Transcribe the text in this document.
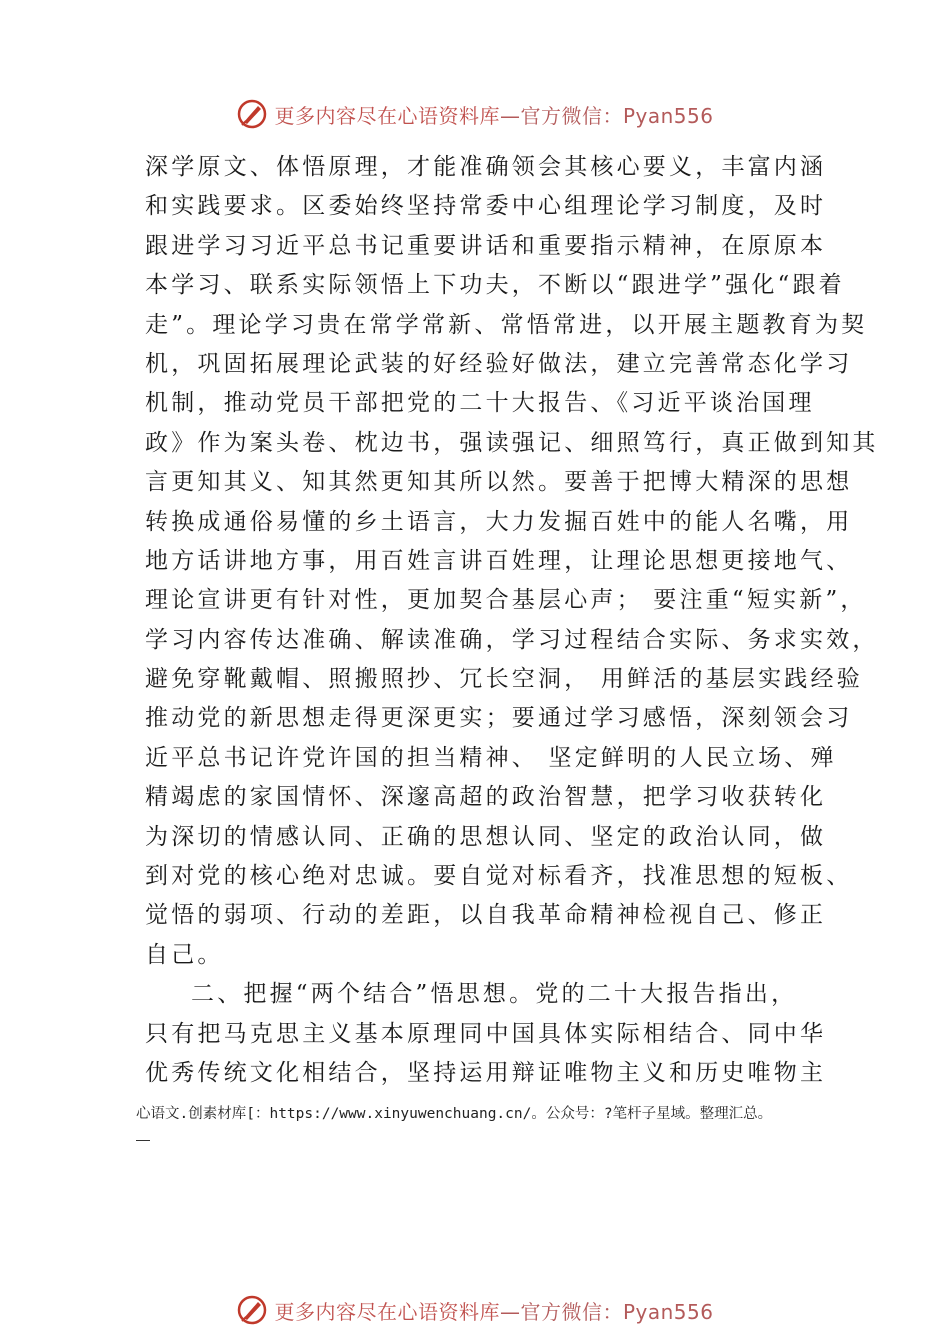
更多内容尽在心语资料库—官方微信：Pyan556
深学原文、体悟原理，才能准确领会其核心要义，丰富内涵
和实践要求。区委始终坚持常委中心组理论学习制度，及时
跟进学习习近平总书记重要讲话和重要指示精神，在原原本
本学习、联系实际领悟上下功夫，不断以“跟进学”强化“跟着
走”。理论学习贵在常学常新、常悟常进，以开展主题教育为契
机，巩固拓展理论武装的好经验好做法，建立完善常态化学习
机制，推动党员干部把党的二十大报告、《习近平谈治国理
政》作为案头卷、枕边书，强读强记、细照笃行，真正做到知其
言更知其义、知其然更知其所以然。要善于把博大精深的思想
转换成通俗易懂的乡土语言，大力发掘百姓中的能人名嘴，用
地方话讲地方事，用百姓言讲百姓理，让理论思想更接地气、
理论宣讲更有针对性，更加契合基层心声； 要注重“短实新”，
学习内容传达准确、解读准确，学习过程结合实际、务求实效，
避免穿靴戴帽、照搬照抄、冗长空洞， 用鲜活的基层实践经验
推动党的新思想走得更深更实；要通过学习感悟，深刻领会习
近平总书记许党许国的担当精神、 坚定鲜明的人民立场、殚
精竭虑的家国情怀、深邃高超的政治智慧，把学习收获转化
为深切的情感认同、正确的思想认同、坚定的政治认同，做
到对党的核心绝对忠诚。要自觉对标看齐，找准思想的短板、
觉悟的弱项、行动的差距，以自我革命精神检视自己、修正
自己。
二、把握“两个结合”悟思想。党的二十大报告指出，
只有把马克思主义基本原理同中国具体实际相结合、同中华
优秀传统文化相结合，坚持运用辩证唯物主义和历史唯物主
心语文.创素材库[：https://www.xinyuwenchuang.cn/。公众号：?笔杆子星域。整理汇总。
更多内容尽在心语资料库—官方微信：Pyan556
